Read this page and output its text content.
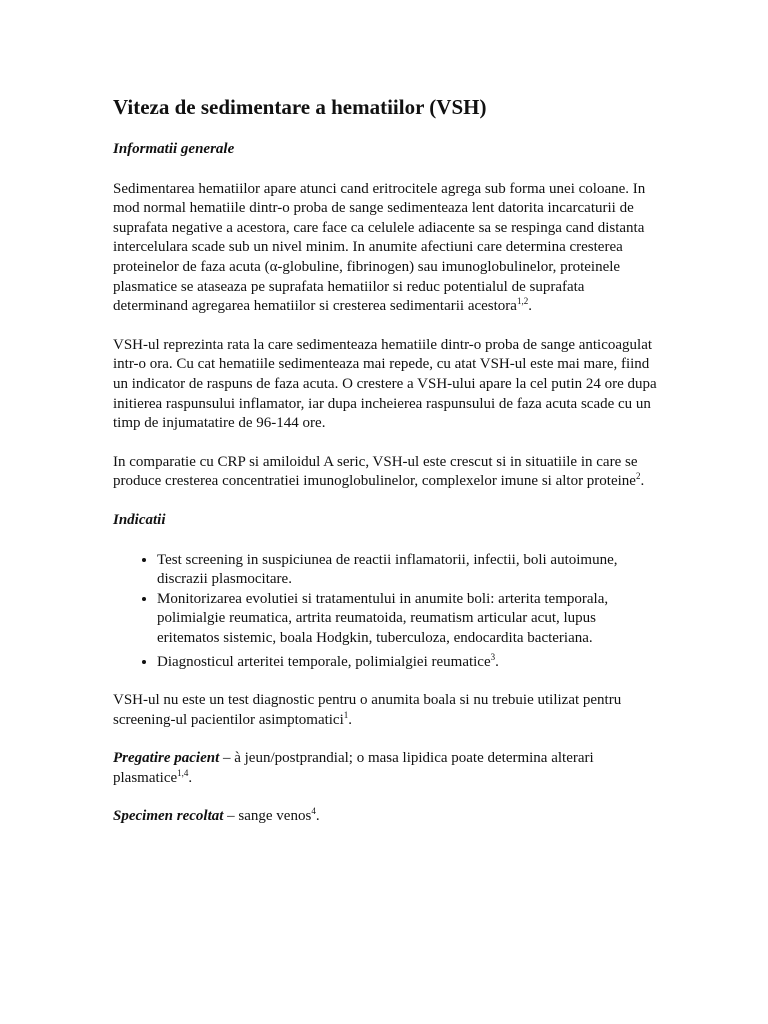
Viteza de sedimentare a hematiilor (VSH)
Informatii generale

Sedimentarea hematiilor apare atunci cand eritrocitele agrega sub forma unei coloane. In mod normal hematiile dintr-o proba de sange sedimenteaza lent datorita incarcaturii de suprafata negative a acestora, care face ca celulele adiacente sa se respinga cand distanta intercelulara scade sub un nivel minim. In anumite afectiuni care determina cresterea proteinelor de faza acuta (α-globuline, fibrinogen) sau imunoglobulinelor, proteinele plasmatice se ataseaza pe suprafata hematiilor si reduc potentialul de suprafata determinand agregarea hematiilor si cresterea sedimentarii acestora$^{1,2}$.

VSH-ul reprezinta rata la care sedimenteaza hematiile dintr-o proba de sange anticoagulat intr-o ora. Cu cat hematiile sedimenteaza mai repede, cu atat VSH-ul este mai mare, fiind un indicator de raspuns de faza acuta. O crestere a VSH-ului apare la cel putin 24 ore dupa initierea raspunsului inflamator, iar dupa incheierea raspunsului de faza acuta scade cu un timp de injumatatire de 96-144 ore.

In comparatie cu CRP si amiloidul A seric, VSH-ul este crescut si in situatiile in care se produce cresterea concentratiei imunoglobulinelor, complexelor imune si altor proteine$^2$.

Indicatii
• Test screening in suspiciunea de reactii inflamatorii, infectii, boli autoimune, discrazii plasmocitare.
• Monitorizarea evolutiei si tratamentului in anumite boli: arterita temporala, polimialgie reumatica, artrita reumatoida, reumatism articular acut, lupus eritematos sistemic, boala Hodgkin, tuberculoza, endocardita bacteriana.
• Diagnosticul arteritei temporale, polimialgiei reumatice$^3$.

VSH-ul nu este un test diagnostic pentru o anumita boala si nu trebuie utilizat pentru screening-ul pacientilor asimptomatici$^1$.

Pregatire pacient – à jeun/postprandial; o masa lipidica poate determina alterari plasmatice$^{1,4}$.

Specimen recoltat – sange venos$^4$.
